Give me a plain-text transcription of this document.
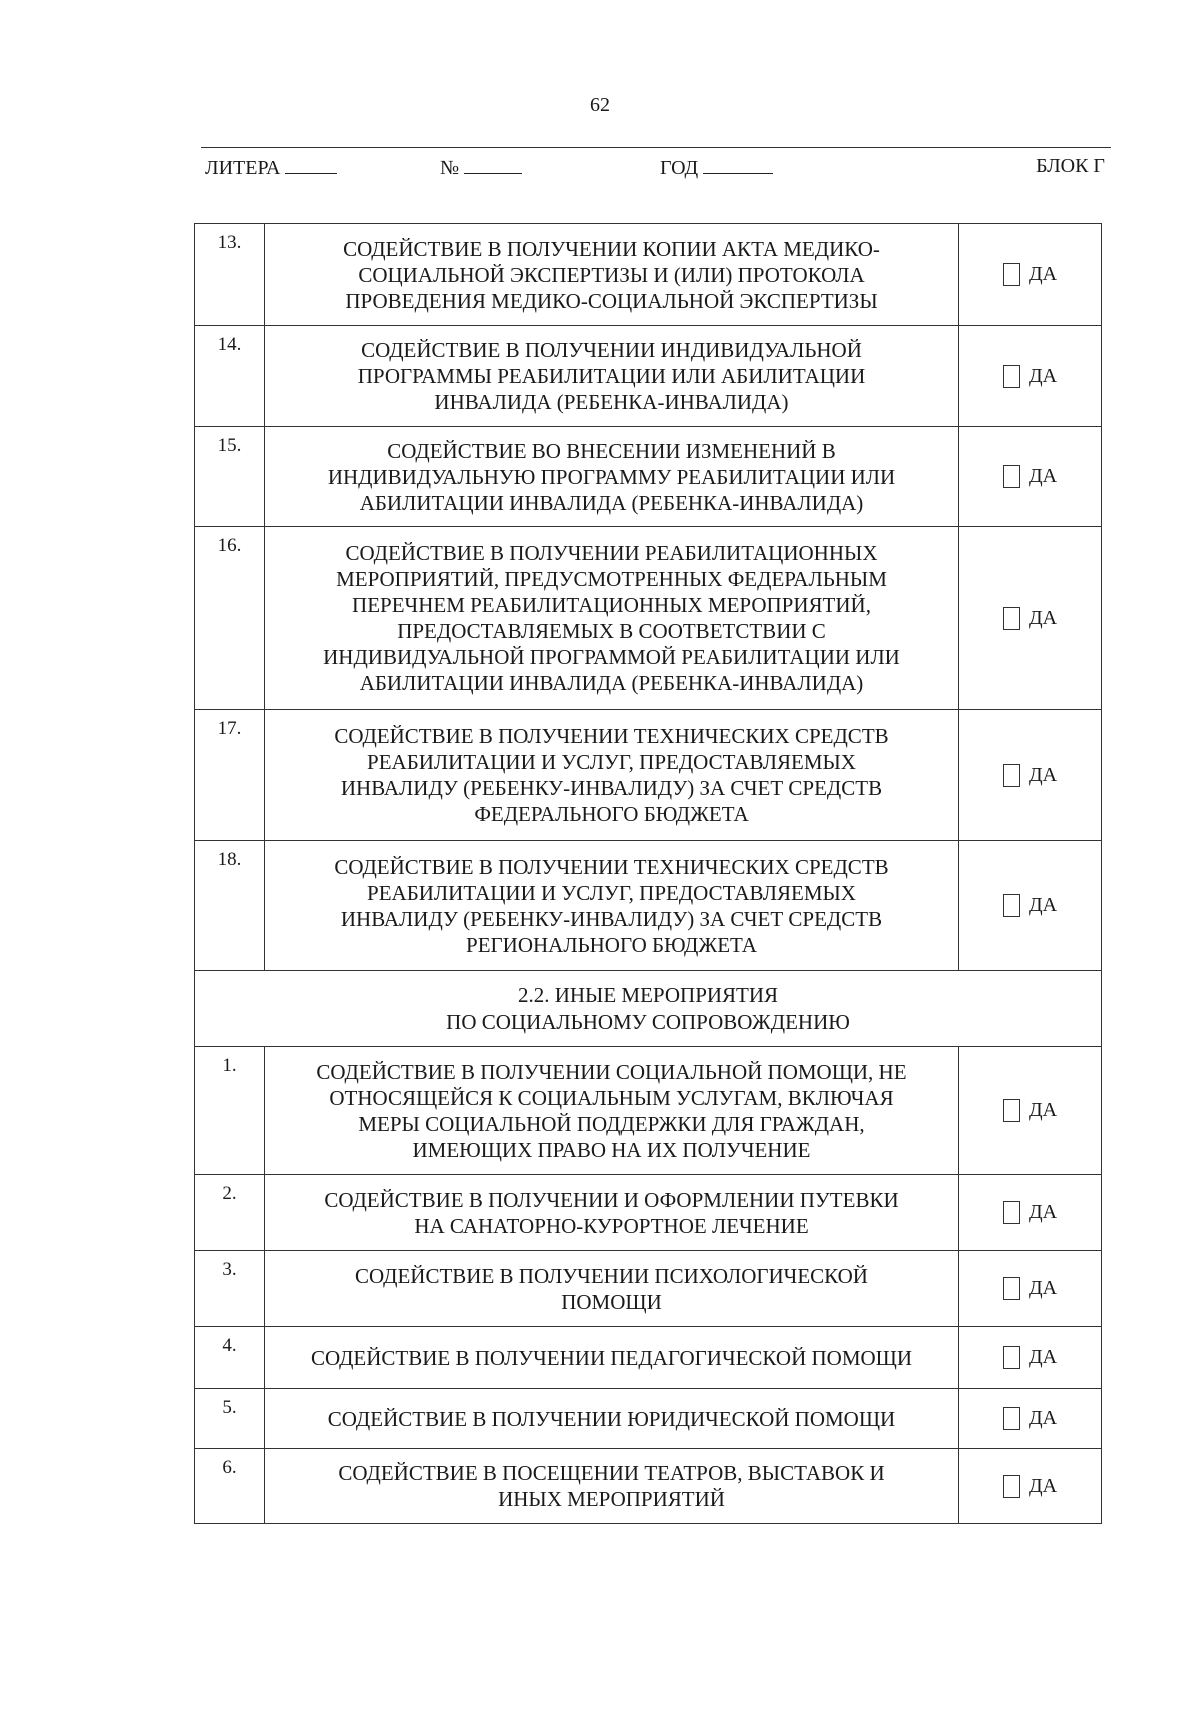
62
ЛИТЕРА	№	ГОД	БЛОК Г
13.	СОДЕЙСТВИЕ В ПОЛУЧЕНИИ КОПИИ АКТА МЕДИКО-
СОЦИАЛЬНОЙ ЭКСПЕРТИЗЫ И (ИЛИ) ПРОТОКОЛА
ПРОВЕДЕНИЯ МЕДИКО-СОЦИАЛЬНОЙ ЭКСПЕРТИЗЫ
ДА
14.	СОДЕЙСТВИЕ В ПОЛУЧЕНИИ ИНДИВИДУАЛЬНОЙ
ПРОГРАММЫ РЕАБИЛИТАЦИИ ИЛИ АБИЛИТАЦИИ
ИНВАЛИДА (РЕБЕНКА-ИНВАЛИДА)
ДА
15.	СОДЕЙСТВИЕ ВО ВНЕСЕНИИ ИЗМЕНЕНИЙ В
ИНДИВИДУАЛЬНУЮ ПРОГРАММУ РЕАБИЛИТАЦИИ ИЛИ
АБИЛИТАЦИИ ИНВАЛИДА (РЕБЕНКА-ИНВАЛИДА)
ДА
16.	СОДЕЙСТВИЕ В ПОЛУЧЕНИИ РЕАБИЛИТАЦИОННЫХ
МЕРОПРИЯТИЙ, ПРЕДУСМОТРЕННЫХ ФЕДЕРАЛЬНЫМ
ПЕРЕЧНЕМ РЕАБИЛИТАЦИОННЫХ МЕРОПРИЯТИЙ,
ПРЕДОСТАВЛЯЕМЫХ В СООТВЕТСТВИИ С
ИНДИВИДУАЛЬНОЙ ПРОГРАММОЙ РЕАБИЛИТАЦИИ ИЛИ
АБИЛИТАЦИИ ИНВАЛИДА (РЕБЕНКА-ИНВАЛИДА)
ДА
17.	СОДЕЙСТВИЕ В ПОЛУЧЕНИИ ТЕХНИЧЕСКИХ СРЕДСТВ
РЕАБИЛИТАЦИИ И УСЛУГ, ПРЕДОСТАВЛЯЕМЫХ
ИНВАЛИДУ (РЕБЕНКУ-ИНВАЛИДУ) ЗА СЧЕТ СРЕДСТВ
ФЕДЕРАЛЬНОГО БЮДЖЕТА
ДА
18.	СОДЕЙСТВИЕ В ПОЛУЧЕНИИ ТЕХНИЧЕСКИХ СРЕДСТВ
РЕАБИЛИТАЦИИ И УСЛУГ, ПРЕДОСТАВЛЯЕМЫХ
ИНВАЛИДУ (РЕБЕНКУ-ИНВАЛИДУ) ЗА СЧЕТ СРЕДСТВ
РЕГИОНАЛЬНОГО БЮДЖЕТА
ДА
2.2. ИНЫЕ МЕРОПРИЯТИЯ
ПО СОЦИАЛЬНОМУ СОПРОВОЖДЕНИЮ
1.	СОДЕЙСТВИЕ В ПОЛУЧЕНИИ СОЦИАЛЬНОЙ ПОМОЩИ, НЕ
ОТНОСЯЩЕЙСЯ К СОЦИАЛЬНЫМ УСЛУГАМ, ВКЛЮЧАЯ
МЕРЫ СОЦИАЛЬНОЙ ПОДДЕРЖКИ ДЛЯ ГРАЖДАН,
ИМЕЮЩИХ ПРАВО НА ИХ ПОЛУЧЕНИЕ
ДА
2.	СОДЕЙСТВИЕ В ПОЛУЧЕНИИ И ОФОРМЛЕНИИ ПУТЕВКИ
НА САНАТОРНО-КУРОРТНОЕ ЛЕЧЕНИЕ
ДА
3.	СОДЕЙСТВИЕ В ПОЛУЧЕНИИ ПСИХОЛОГИЧЕСКОЙ
ПОМОЩИ
ДА
4.	СОДЕЙСТВИЕ В ПОЛУЧЕНИИ ПЕДАГОГИЧЕСКОЙ ПОМОЩИ	ДА
5.	СОДЕЙСТВИЕ В ПОЛУЧЕНИИ ЮРИДИЧЕСКОЙ ПОМОЩИ	ДА
6.	СОДЕЙСТВИЕ В ПОСЕЩЕНИИ ТЕАТРОВ, ВЫСТАВОК И
ИНЫХ МЕРОПРИЯТИЙ
ДА
